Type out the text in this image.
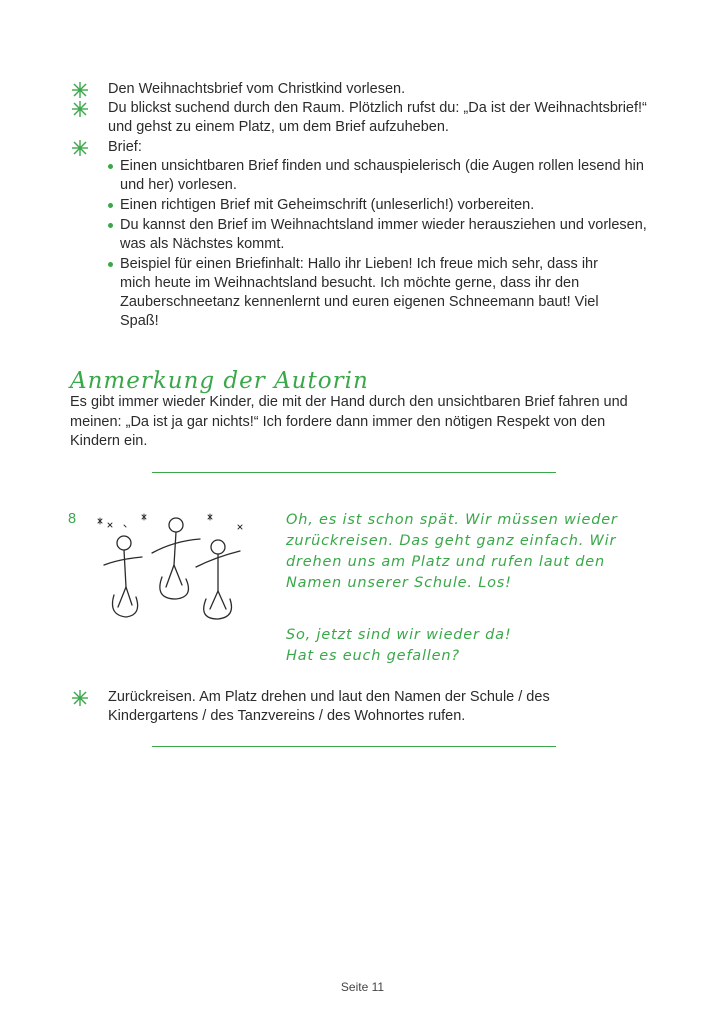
Den Weihnachtsbrief vom Christkind vorlesen.
Du blickst suchend durch den Raum. Plötzlich rufst du: „Da ist der Weihnachtsbrief!“ und gehst zu einem Platz, um dem Brief aufzuheben.
Brief:
Einen unsichtbaren Brief finden und schauspielerisch (die Augen rollen lesend hin und her) vorlesen.
Einen richtigen Brief mit Geheimschrift (unleserlich!) vorbereiten.
Du kannst den Brief im Weihnachtsland immer wieder herausziehen und vorlesen, was als Nächstes kommt.
Beispiel für einen Briefinhalt: Hallo ihr Lieben! Ich freue mich sehr, dass ihr mich heute im Weihnachtsland besucht. Ich möchte gerne, dass ihr den Zauberschneetanz kennenlernt und euren eigenen Schneemann baut! Viel Spaß!
Anmerkung der Autorin
Es gibt immer wieder Kinder, die mit der Hand durch den unsichtbaren Brief fahren und meinen: „Da ist ja gar nichts!“ Ich fordere dann immer den nötigen Respekt von den Kindern ein.
8	Oh, es ist schon spät. Wir müssen wieder zurückreisen. Das geht ganz einfach. Wir drehen uns am Platz und rufen laut den Namen unserer Schule. Los!
So, jetzt sind wir wieder da! Hat es euch gefallen?
Zurückreisen. Am Platz drehen und laut den Namen der Schule / des Kindergartens / des Tanzvereins / des Wohnortes rufen.
Seite 11
